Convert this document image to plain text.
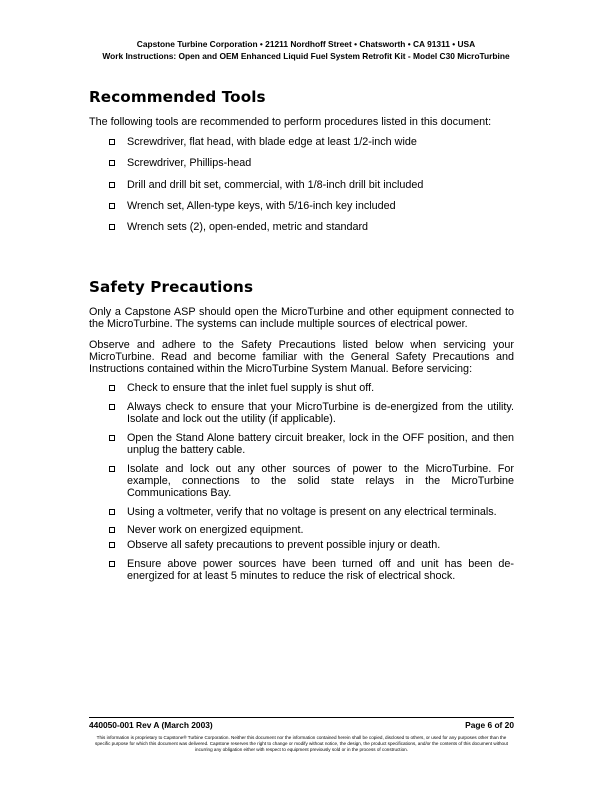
Capstone Turbine Corporation • 21211 Nordhoff Street • Chatsworth • CA 91311 • USA
Work Instructions: Open and OEM Enhanced Liquid Fuel System Retrofit Kit - Model C30 MicroTurbine
Recommended Tools

The following tools are recommended to perform procedures listed in this document:

Screwdriver, flat head, with blade edge at least 1/2-inch wide
Screwdriver, Phillips-head
Drill and drill bit set, commercial, with 1/8-inch drill bit included
Wrench set, Allen-type keys, with 5/16-inch key included
Wrench sets (2), open-ended, metric and standard
Safety Precautions

Only a Capstone ASP should open the MicroTurbine and other equipment connected to the MicroTurbine. The systems can include multiple sources of electrical power.

Observe and adhere to the Safety Precautions listed below when servicing your MicroTurbine. Read and become familiar with the General Safety Precautions and Instructions contained within the MicroTurbine System Manual. Before servicing:

Check to ensure that the inlet fuel supply is shut off.
Always check to ensure that your MicroTurbine is de-energized from the utility. Isolate and lock out the utility (if applicable).
Open the Stand Alone battery circuit breaker, lock in the OFF position, and then unplug the battery cable.
Isolate and lock out any other sources of power to the MicroTurbine. For example, connections to the solid state relays in the MicroTurbine Communications Bay.
Using a voltmeter, verify that no voltage is present on any electrical terminals.
Never work on energized equipment.
Observe all safety precautions to prevent possible injury or death.
Ensure above power sources have been turned off and unit has been de-energized for at least 5 minutes to reduce the risk of electrical shock.
440050-001 Rev A (March 2003)	Page 6 of 20
This information is proprietary to Capstone® Turbine Corporation. Neither this document nor the information contained herein shall be copied, disclosed to others, or used for any purposes other than the specific purpose for which this document was delivered. Capstone reserves the right to change or modify without notice, the design, the product specifications, and/or the contents of this document without incurring any obligation either with respect to equipment previously sold or in the process of construction.
